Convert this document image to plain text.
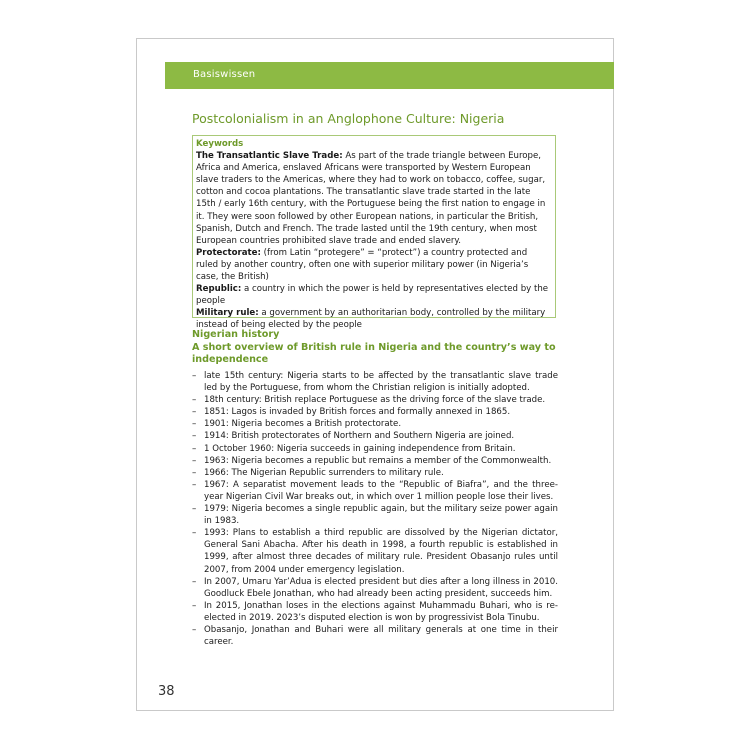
Basiswissen
Postcolonialism in an Anglophone Culture: Nigeria

Keywords

The Transatlantic Slave Trade: As part of the trade triangle between Europe, Africa and America, enslaved Africans were transported by Western European slave traders to the Americas, where they had to work on tobacco, coffee, sugar, cotton and cocoa plantations. The transatlantic slave trade started in the late 15th / early 16th century, with the Portuguese being the first nation to engage in it. They were soon followed by other European nations, in particular the British, Spanish, Dutch and French. The trade lasted until the 19th century, when most European countries prohibited slave trade and ended slavery.

Protectorate: (from Latin “protegere” = “protect”) a country protected and ruled by another country, often one with superior military power (in Nigeria’s case, the British)

Republic: a country in which the power is held by representatives elected by the people

Military rule: a government by an authoritarian body, controlled by the military instead of being elected by the people

Nigerian history

A short overview of British rule in Nigeria and the country’s way to independence

– late 15th century: Nigeria starts to be affected by the transatlantic slave trade led by the Portuguese, from whom the Christian religion is initially adopted.
– 18th century: British replace Portuguese as the driving force of the slave trade.
– 1851: Lagos is invaded by British forces and formally annexed in 1865.
– 1901: Nigeria becomes a British protectorate.
– 1914: British protectorates of Northern and Southern Nigeria are joined.
– 1 October 1960: Nigeria succeeds in gaining independence from Britain.
– 1963: Nigeria becomes a republic but remains a member of the Commonwealth.
– 1966: The Nigerian Republic surrenders to military rule.
– 1967: A separatist movement leads to the “Republic of Biafra”, and the three-year Nigerian Civil War breaks out, in which over 1 million people lose their lives.
– 1979: Nigeria becomes a single republic again, but the military seize power again in 1983.
– 1993: Plans to establish a third republic are dissolved by the Nigerian dictator, General Sani Abacha. After his death in 1998, a fourth republic is established in 1999, after almost three decades of military rule. President Obasanjo rules until 2007, from 2004 under emergency legislation.
– In 2007, Umaru Yar’Adua is elected president but dies after a long illness in 2010. Goodluck Ebele Jonathan, who had already been acting president, succeeds him.
– In 2015, Jonathan loses in the elections against Muhammadu Buhari, who is re-elected in 2019. 2023’s disputed election is won by progressivist Bola Tinubu.
– Obasanjo, Jonathan and Buhari were all military generals at one time in their career.
38
